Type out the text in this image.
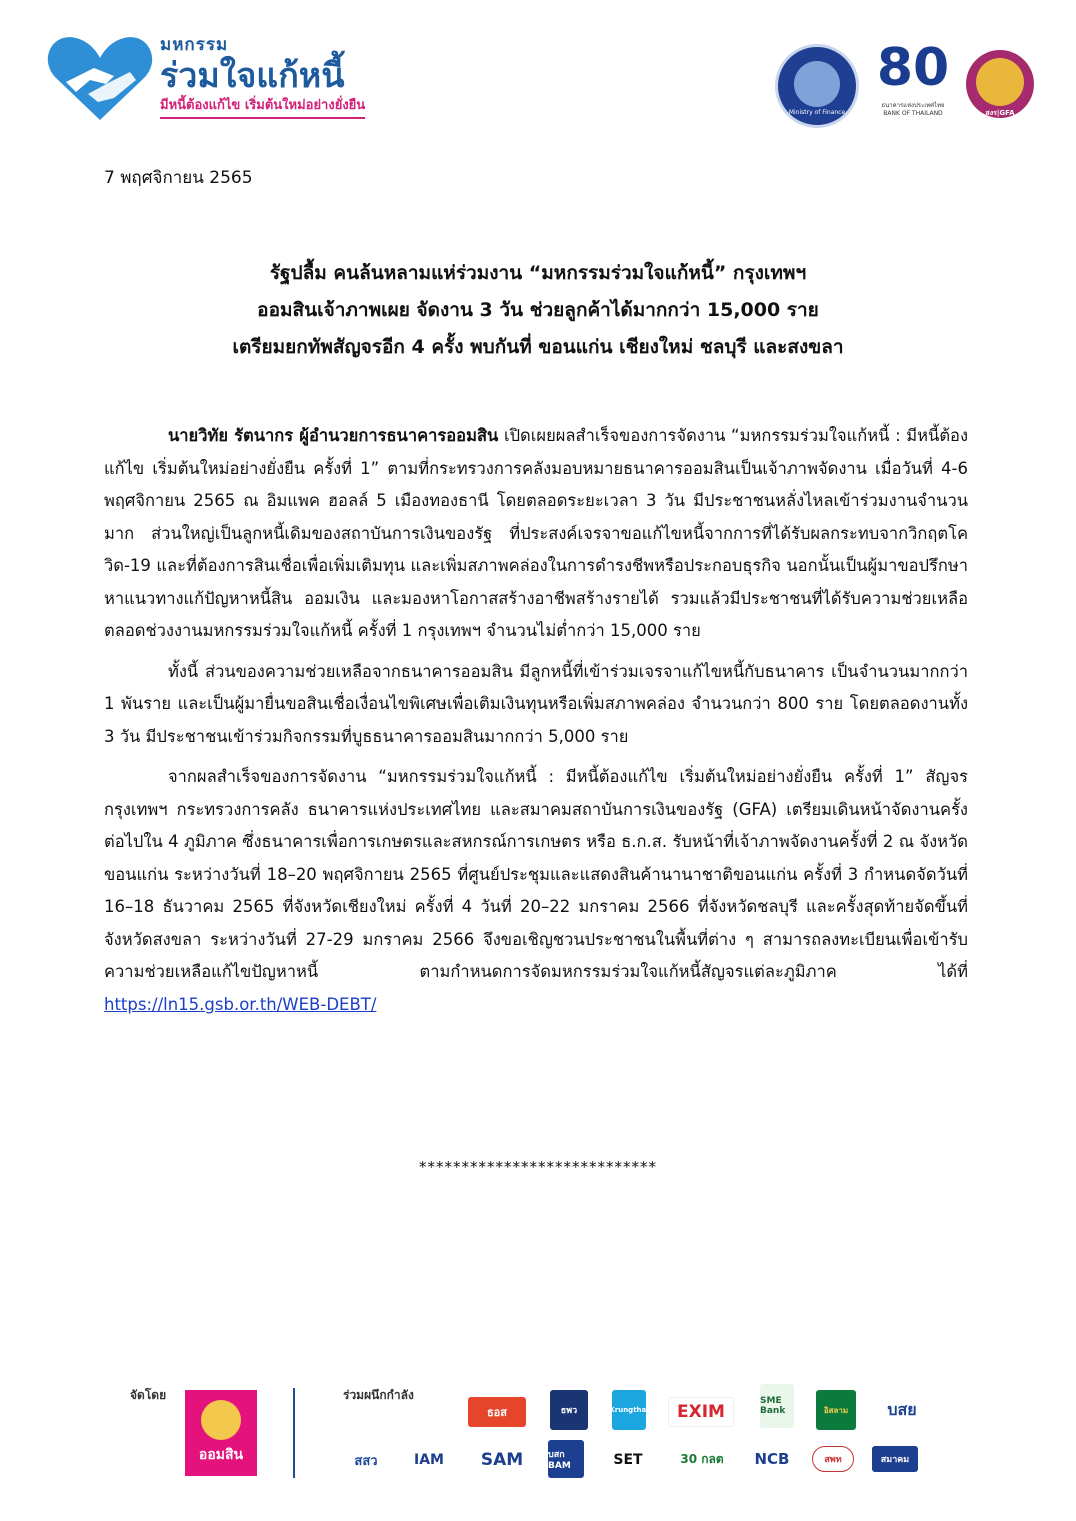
มหกรรม
ร่วมใจแก้หนี้
มีหนี้ต้องแก้ไข เริ่มต้นใหม่อย่างยั่งยืน	Ministry of Finance
80
ธนาคารแห่งประเทศไทย
BANK OF THAILAND	สงร|GFA
7 พฤศจิกายน 2565
รัฐปลื้ม คนล้นหลามแห่ร่วมงาน “มหกรรมร่วมใจแก้หนี้” กรุงเทพฯ
ออมสินเจ้าภาพเผย จัดงาน 3 วัน ช่วยลูกค้าได้มากกว่า 15,000 ราย
เตรียมยกทัพสัญจรอีก 4 ครั้ง พบกันที่ ขอนแก่น เชียงใหม่ ชลบุรี และสงขลา

นายวิทัย รัตนากร ผู้อำนวยการธนาคารออมสิน เปิดเผยผลสำเร็จของการจัดงาน “มหกรรมร่วมใจแก้หนี้ : มีหนี้ต้องแก้ไข เริ่มต้นใหม่อย่างยั่งยืน ครั้งที่ 1” ตามที่กระทรวงการคลังมอบหมายธนาคารออมสินเป็นเจ้าภาพจัดงาน เมื่อวันที่ 4-6 พฤศจิกายน 2565 ณ อิมแพค ฮอลล์ 5 เมืองทองธานี โดยตลอดระยะเวลา 3 วัน มีประชาชนหลั่งไหลเข้าร่วมงานจำนวนมาก ส่วนใหญ่เป็นลูกหนี้เดิมของสถาบันการเงินของรัฐ ที่ประสงค์เจรจาขอแก้ไขหนี้จากการที่ได้รับผลกระทบจากวิกฤตโควิด-19 และที่ต้องการสินเชื่อเพื่อเพิ่มเติมทุน และเพิ่มสภาพคล่องในการดำรงชีพหรือประกอบธุรกิจ นอกนั้นเป็นผู้มาขอปรึกษาหาแนวทางแก้ปัญหาหนี้สิน ออมเงิน และมองหาโอกาสสร้างอาชีพสร้างรายได้ รวมแล้วมีประชาชนที่ได้รับความช่วยเหลือตลอดช่วงงานมหกรรมร่วมใจแก้หนี้ ครั้งที่ 1 กรุงเทพฯ จำนวนไม่ต่ำกว่า 15,000 ราย

ทั้งนี้ ส่วนของความช่วยเหลือจากธนาคารออมสิน มีลูกหนี้ที่เข้าร่วมเจรจาแก้ไขหนี้กับธนาคาร เป็นจำนวนมากกว่า 1 พันราย และเป็นผู้มายื่นขอสินเชื่อเงื่อนไขพิเศษเพื่อเติมเงินทุนหรือเพิ่มสภาพคล่อง จำนวนกว่า 800 ราย โดยตลอดงานทั้ง 3 วัน มีประชาชนเข้าร่วมกิจกรรมที่บูธธนาคารออมสินมากกว่า 5,000 ราย

จากผลสำเร็จของการจัดงาน “มหกรรมร่วมใจแก้หนี้ : มีหนี้ต้องแก้ไข เริ่มต้นใหม่อย่างยั่งยืน ครั้งที่ 1” สัญจร กรุงเทพฯ กระทรวงการคลัง ธนาคารแห่งประเทศไทย และสมาคมสถาบันการเงินของรัฐ (GFA) เตรียมเดินหน้าจัดงานครั้งต่อไปใน 4 ภูมิภาค ซึ่งธนาคารเพื่อการเกษตรและสหกรณ์การเกษตร หรือ ธ.ก.ส. รับหน้าที่เจ้าภาพจัดงานครั้งที่ 2 ณ จังหวัดขอนแก่น ระหว่างวันที่ 18–20 พฤศจิกายน 2565 ที่ศูนย์ประชุมและแสดงสินค้านานาชาติขอนแก่น ครั้งที่ 3 กำหนดจัดวันที่ 16–18 ธันวาคม 2565 ที่จังหวัดเชียงใหม่ ครั้งที่ 4 วันที่ 20–22 มกราคม 2566 ที่จังหวัดชลบุรี และครั้งสุดท้ายจัดขึ้นที่จังหวัดสงขลา ระหว่างวันที่ 27-29 มกราคม 2566 จึงขอเชิญชวนประชาชนในพื้นที่ต่าง ๆ สามารถลงทะเบียนเพื่อเข้ารับความช่วยเหลือแก้ไขปัญหาหนี้ ตามกำหนดการจัดมหกรรมร่วมใจแก้หนี้สัญจรแต่ละภูมิภาค ได้ที่ https://ln15.gsb.or.th/WEB-DEBT/

****************************
จัดโดย
ออมสิน
ร่วมผนึกกำลัง
ธอส	ธพว	Krungthai	EXIM
SME Bank	อิสลาม	บสย
สสว	IAM	SAM	บสก BAM	SET	30 กลต	NCB	สพท	สมาคม
